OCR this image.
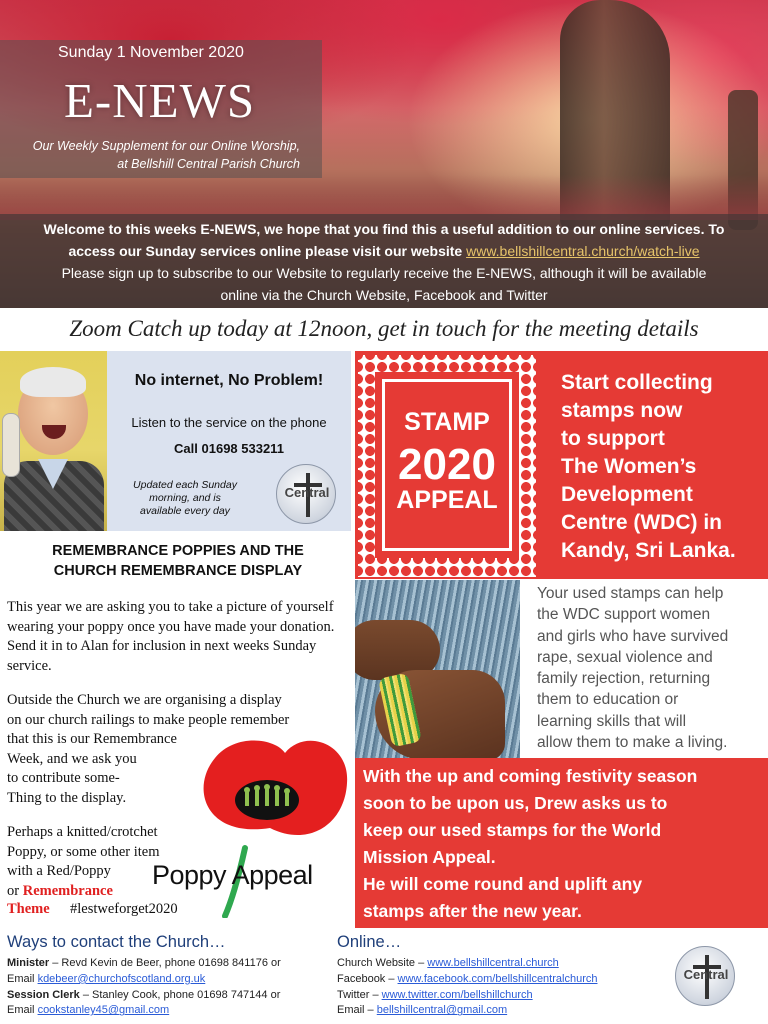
Sunday 1 November 2020
E-NEWS
Our Weekly Supplement for our Online Worship,
at Bellshill Central Parish Church

Welcome to this weeks E-NEWS, we hope that you find this a useful addition to our online services. To

access our Sunday services online please visit our website www.bellshillcentral.church/watch-live

Please sign up to subscribe to our Website to regularly receive the E-NEWS, although it will be available

online via the Church Website, Facebook and Twitter

Zoom Catch up today at 12noon, get in touch for the meeting details
No internet, No Problem!
Listen to the service on the phone
Call 01698 533211
Updated each Sunday
morning, and is
available every day
Central
REMEMBRANCE POPPIES AND THE
CHURCH REMEMBRANCE DISPLAY
This year we are asking you to take a picture of yourself wearing your poppy once you have made your donation. Send it in to Alan for inclusion in next weeks Sunday service.
Outside the Church we are organising a display
on our church railings to make people remember
that this is our Remembrance
Week, and we ask you
to contribute some-
Thing to the display.
Perhaps a knitted/crotchet
Poppy, or some other item
with a Red/Poppy
or Remembrance
Theme #lestweforget2020
Poppy Appeal
STAMP
2020
APPEAL
Start collecting
stamps now
to support
The Women’s
Development
Centre (WDC) in
Kandy, Sri Lanka.
Your used stamps can help
the WDC support women
and girls who have survived
rape, sexual violence and
family rejection, returning
them to education or
learning skills that will
allow them to make a living.
With the up and coming festivity season
soon to be upon us, Drew asks us to
keep our used stamps for the World
Mission Appeal.
He will come round and uplift any
stamps after the new year.
Ways to contact the Church…
Minister – Revd Kevin de Beer, phone 01698 841176 or
Email kdebeer@churchofscotland.org.uk
Session Clerk – Stanley Cook, phone 01698 747144 or
Email cookstanley45@gmail.com
Online…
Church Website – www.bellshillcentral.church
Facebook – www.facebook.com/bellshillcentralchurch
Twitter – www.twitter.com/bellshillchurch
Email – bellshillcentral@gmail.com
Central
